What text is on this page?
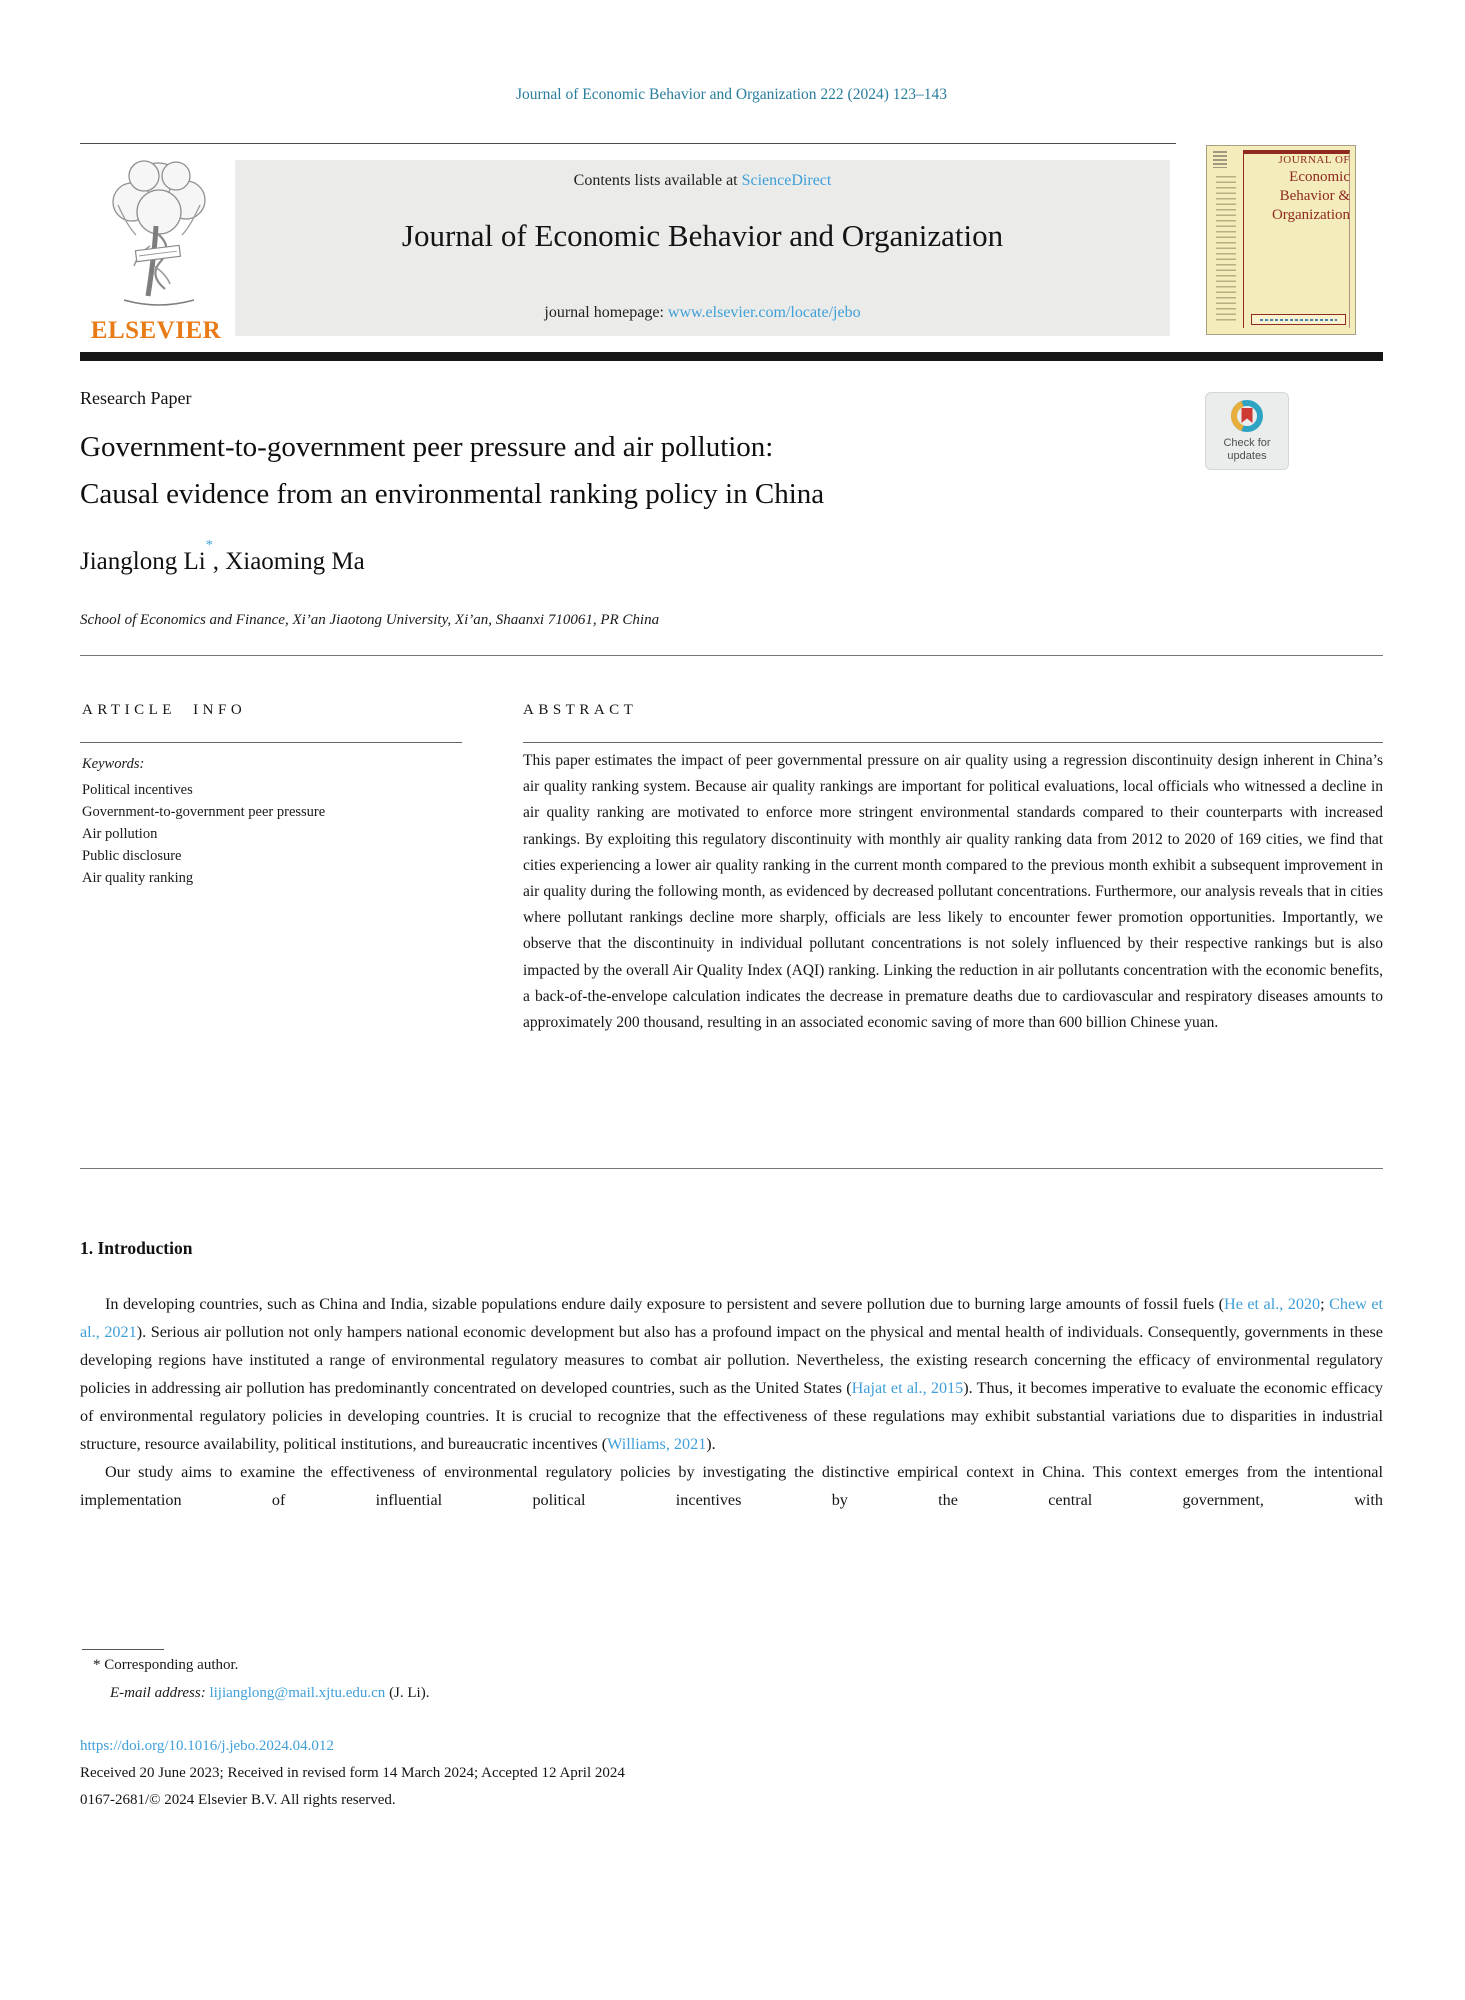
Journal of Economic Behavior and Organization 222 (2024) 123–143
ELSEVIER
Contents lists available at ScienceDirect
Journal of Economic Behavior and Organization
journal homepage: www.elsevier.com/locate/jebo
JOURNAL OF
Economic
Behavior &
Organization
Research Paper
Government-to-government peer pressure and air pollution:
Causal evidence from an environmental ranking policy in China
Check for
updates
Jianglong Li*, Xiaoming Ma
School of Economics and Finance, Xi’an Jiaotong University, Xi’an, Shaanxi 710061, PR China
ARTICLE INFO
Keywords:
Political incentives
Government-to-government peer pressure
Air pollution
Public disclosure
Air quality ranking
ABSTRACT
This paper estimates the impact of peer governmental pressure on air quality using a regression discontinuity design inherent in China’s air quality ranking system. Because air quality rankings are important for political evaluations, local officials who witnessed a decline in air quality ranking are motivated to enforce more stringent environmental standards compared to their counterparts with increased rankings. By exploiting this regulatory discontinuity with monthly air quality ranking data from 2012 to 2020 of 169 cities, we find that cities experiencing a lower air quality ranking in the current month compared to the previous month exhibit a subsequent improvement in air quality during the following month, as evidenced by decreased pollutant concentrations. Furthermore, our analysis reveals that in cities where pollutant rankings decline more sharply, officials are less likely to encounter fewer promotion opportunities. Importantly, we observe that the discontinuity in individual pollutant concentrations is not solely influenced by their respective rankings but is also impacted by the overall Air Quality Index (AQI) ranking. Linking the reduction in air pollutants concentration with the economic benefits, a back-of-the-envelope calculation indicates the decrease in premature deaths due to cardiovascular and respiratory diseases amounts to approximately 200 thousand, resulting in an associated economic saving of more than 600 billion Chinese yuan.
1. Introduction

In developing countries, such as China and India, sizable populations endure daily exposure to persistent and severe pollution due to burning large amounts of fossil fuels (He et al., 2020; Chew et al., 2021). Serious air pollution not only hampers national economic development but also has a profound impact on the physical and mental health of individuals. Consequently, governments in these developing regions have instituted a range of environmental regulatory measures to combat air pollution. Nevertheless, the existing research concerning the efficacy of environmental regulatory policies in addressing air pollution has predominantly concentrated on developed countries, such as the United States (Hajat et al., 2015). Thus, it becomes imperative to evaluate the economic efficacy of environmental regulatory policies in developing countries. It is crucial to recognize that the effectiveness of these regulations may exhibit substantial variations due to disparities in industrial structure, resource availability, political institutions, and bureaucratic incentives (Williams, 2021).

Our study aims to examine the effectiveness of environmental regulatory policies by investigating the distinctive empirical context in China. This context emerges from the intentional implementation of influential political incentives by the central government, with

* Corresponding author.
E-mail address: lijianglong@mail.xjtu.edu.cn (J. Li).
https://doi.org/10.1016/j.jebo.2024.04.012
Received 20 June 2023; Received in revised form 14 March 2024; Accepted 12 April 2024
0167-2681/© 2024 Elsevier B.V. All rights reserved.
